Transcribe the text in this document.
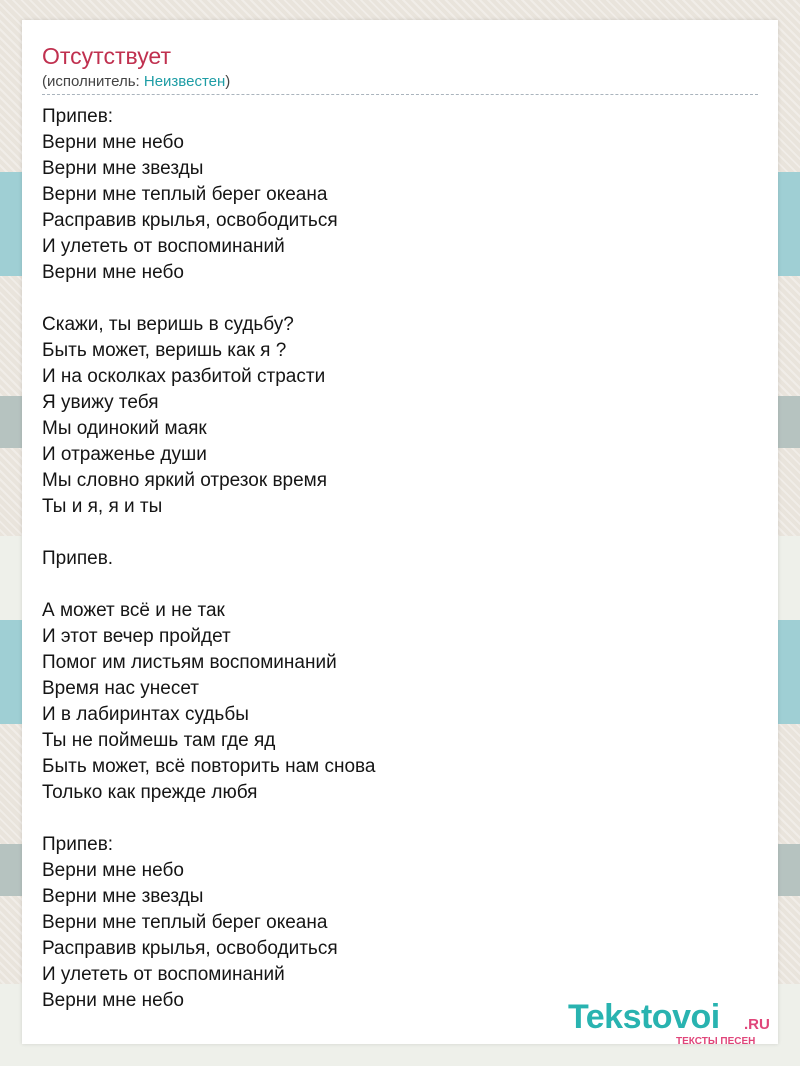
Отсутствует
(исполнитель: Неизвестен)
Припев:
Верни мне небо
Верни мне звезды
Верни мне теплый берег океана
Расправив крылья, освободиться
И улететь от воспоминаний
Верни мне небо

Скажи, ты веришь в судьбу?
Быть может, веришь как я ?
И на осколках разбитой страсти
Я увижу тебя
Мы одинокий маяк
И отраженье души
Мы словно яркий отрезок время
Ты и я, я и ты

Припев.

А может всё и не так
И этот вечер пройдет
Помог им листьям воспоминаний
Время нас унесет
И в лабиринтах судьбы
Ты не поймешь там где яд
Быть может, всё повторить нам снова
Только как прежде любя

Припев:
Верни мне небо
Верни мне звезды
Верни мне теплый берег океана
Расправив крылья, освободиться
И улететь от воспоминаний
Верни мне небо	Tekstovoi .RU
ТЕКСТЫ ПЕСЕН
